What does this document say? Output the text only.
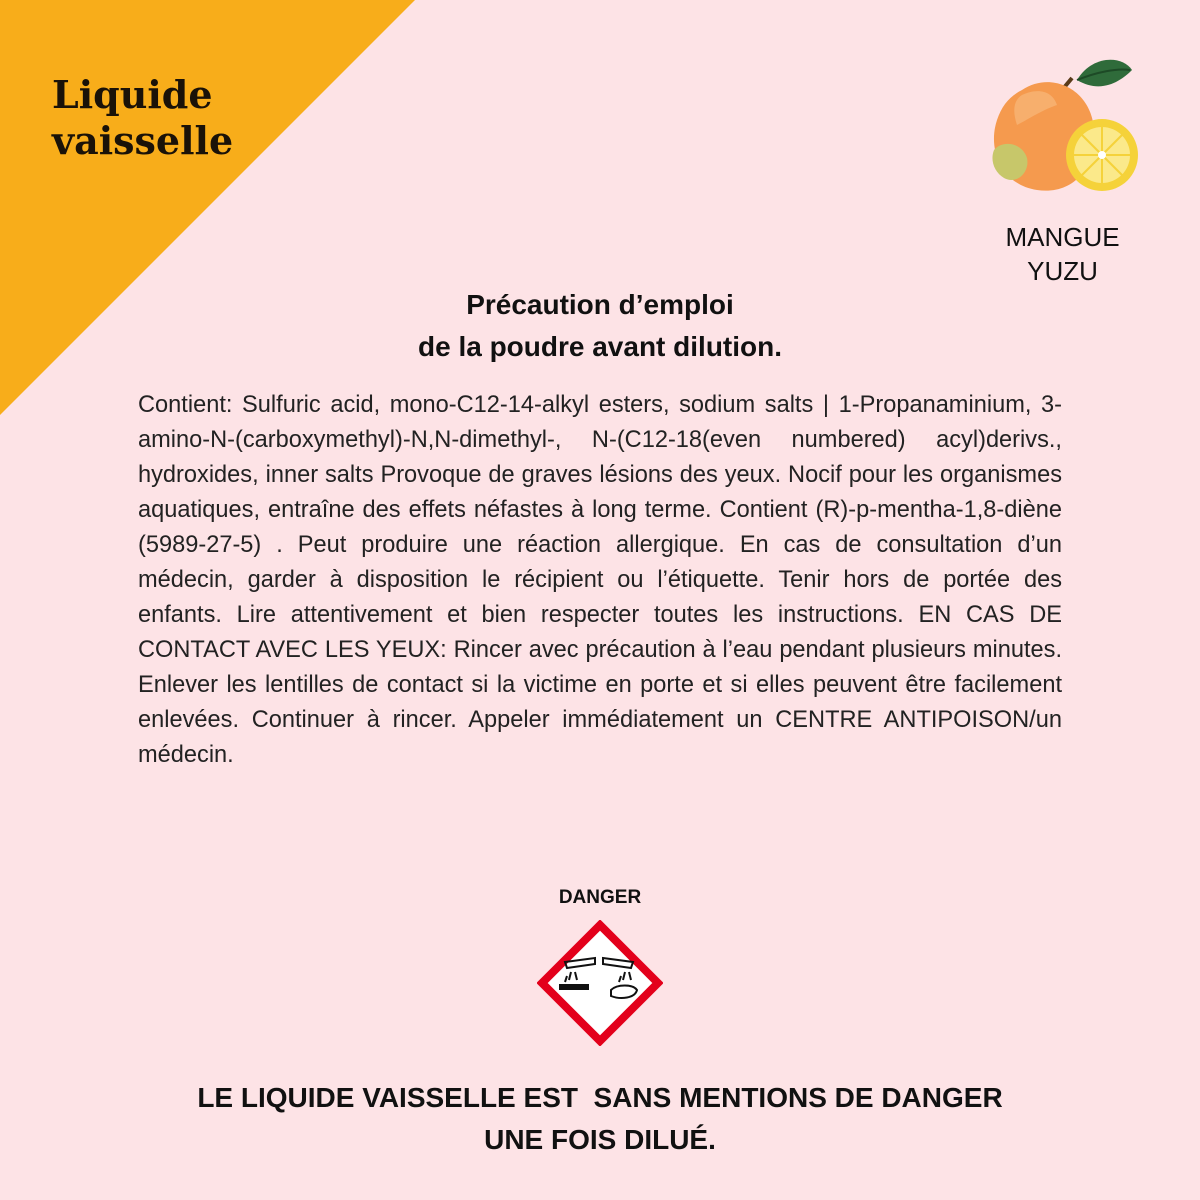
Liquide
vaisselle
MANGUE
YUZU
Précaution d’emploi
de la poudre avant dilution.
Contient: Sulfuric acid, mono-C12-14-alkyl esters, sodium salts | 1-Propanaminium, 3-amino-N-(carboxymethyl)-N,N-dimethyl-, N-(C12-18(even numbered) acyl)derivs., hydroxides, inner salts Provoque de graves lésions des yeux. Nocif pour les organismes aquatiques, entraîne des effets néfastes à long terme. Contient (R)-p-mentha-1,8-diène (5989-27-5) . Peut produire une réaction allergique. En cas de consultation d’un médecin, garder à disposition le récipient ou l’étiquette. Tenir hors de portée des enfants. Lire attentivement et bien respecter toutes les instructions. EN CAS DE CONTACT AVEC LES YEUX: Rincer avec précaution à l’eau pendant plusieurs minutes. Enlever les lentilles de contact si la victime en porte et si elles peuvent être facilement enlevées. Continuer à rincer. Appeler immédiatement un CENTRE ANTIPOISON/un médecin.
DANGER
LE LIQUIDE VAISSELLE EST  SANS MENTIONS DE DANGER
UNE FOIS DILUÉ.
